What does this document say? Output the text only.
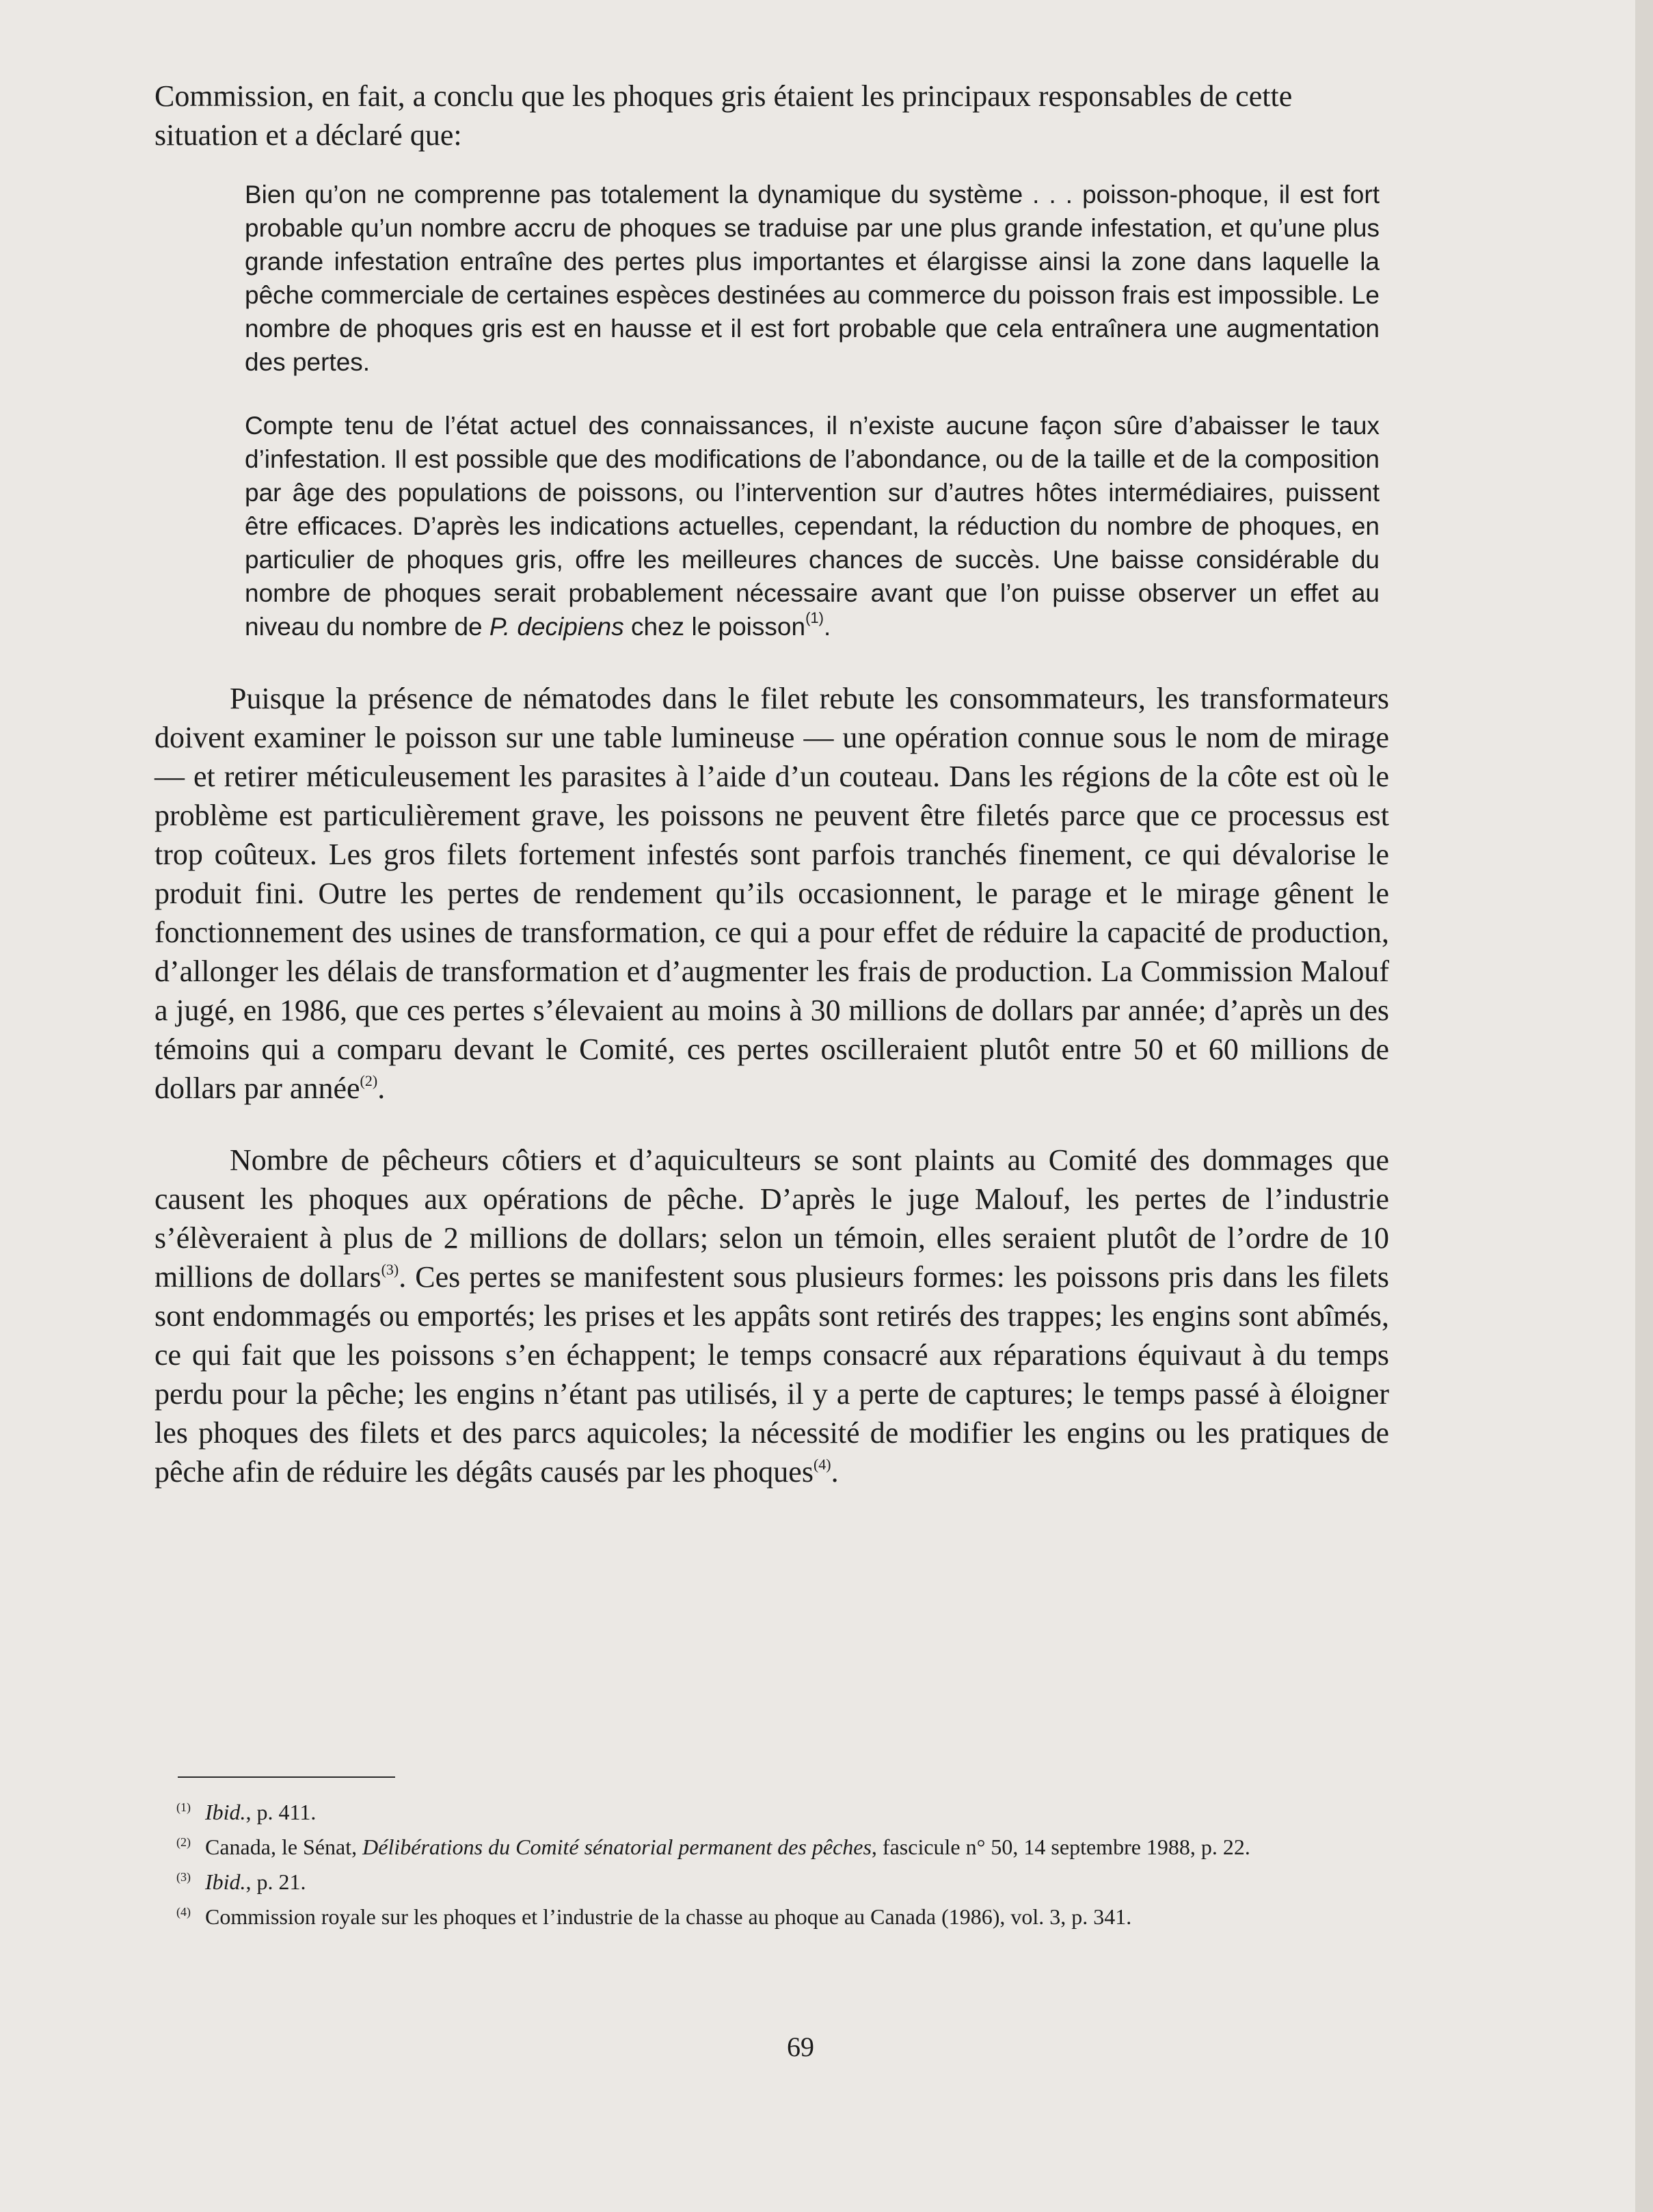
Commission, en fait, a conclu que les phoques gris étaient les principaux responsables de cette situation et a déclaré que:

Bien qu’on ne comprenne pas totalement la dynamique du système . . . poisson-phoque, il est fort probable qu’un nombre accru de phoques se traduise par une plus grande infestation, et qu’une plus grande infestation entraîne des pertes plus importantes et élargisse ainsi la zone dans laquelle la pêche commerciale de certaines espèces destinées au commerce du poisson frais est impossible. Le nombre de phoques gris est en hausse et il est fort probable que cela entraînera une augmentation des pertes.

Compte tenu de l’état actuel des connaissances, il n’existe aucune façon sûre d’abaisser le taux d’infestation. Il est possible que des modifications de l’abondance, ou de la taille et de la composition par âge des populations de poissons, ou l’intervention sur d’autres hôtes intermédiaires, puissent être efficaces. D’après les indications actuelles, cependant, la réduction du nombre de phoques, en particulier de phoques gris, offre les meilleures chances de succès. Une baisse considérable du nombre de phoques serait probablement nécessaire avant que l’on puisse observer un effet au niveau du nombre de P. decipiens chez le poisson$^{(1)}$.

Puisque la présence de nématodes dans le filet rebute les consommateurs, les transformateurs doivent examiner le poisson sur une table lumineuse — une opération connue sous le nom de mirage — et retirer méticuleusement les parasites à l’aide d’un couteau. Dans les régions de la côte est où le problème est particulièrement grave, les poissons ne peuvent être filetés parce que ce processus est trop coûteux. Les gros filets fortement infestés sont parfois tranchés finement, ce qui dévalorise le produit fini. Outre les pertes de rendement qu’ils occasionnent, le parage et le mirage gênent le fonctionnement des usines de transformation, ce qui a pour effet de réduire la capacité de production, d’allonger les délais de transformation et d’augmenter les frais de production. La Commission Malouf a jugé, en 1986, que ces pertes s’élevaient au moins à 30 millions de dollars par année; d’après un des témoins qui a comparu devant le Comité, ces pertes oscilleraient plutôt entre 50 et 60 millions de dollars par année$^{(2)}$.

Nombre de pêcheurs côtiers et d’aquiculteurs se sont plaints au Comité des dommages que causent les phoques aux opérations de pêche. D’après le juge Malouf, les pertes de l’industrie s’élèveraient à plus de 2 millions de dollars; selon un témoin, elles seraient plutôt de l’ordre de 10 millions de dollars$^{(3)}$. Ces pertes se manifestent sous plusieurs formes: les poissons pris dans les filets sont endommagés ou emportés; les prises et les appâts sont retirés des trappes; les engins sont abîmés, ce qui fait que les poissons s’en échappent; le temps consacré aux réparations équivaut à du temps perdu pour la pêche; les engins n’étant pas utilisés, il y a perte de captures; le temps passé à éloigner les phoques des filets et des parcs aquicoles; la nécessité de modifier les engins ou les pratiques de pêche afin de réduire les dégâts causés par les phoques$^{(4)}$.

(1) Ibid., p. 411.

(2) Canada, le Sénat, Délibérations du Comité sénatorial permanent des pêches, fascicule n° 50, 14 septembre 1988, p. 22.

(3) Ibid., p. 21.

(4) Commission royale sur les phoques et l’industrie de la chasse au phoque au Canada (1986), vol. 3, p. 341.

69
